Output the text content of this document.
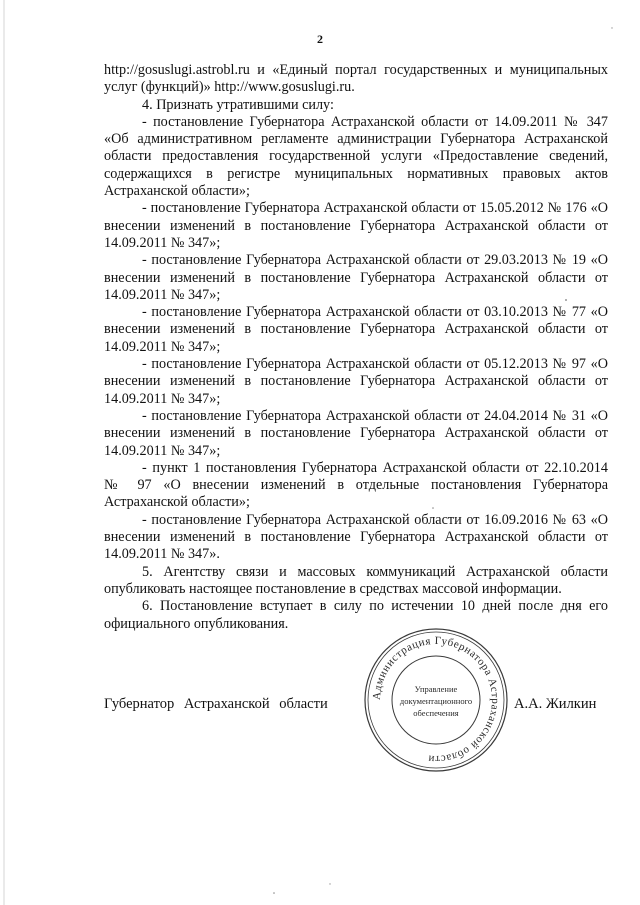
2

http://gosuslugi.astrobl.ru и «Единый портал государственных и муниципальных услуг (функций)» http://www.gosuslugi.ru.

4. Признать утратившими силу:

- постановление Губернатора Астраханской области от 14.09.2011 № 347 «Об административном регламенте администрации Губернатора Астраханской области предоставления государственной услуги «Предоставление сведений, содержащихся в регистре муниципальных нормативных правовых актов Астраханской области»;

- постановление Губернатора Астраханской области от 15.05.2012 № 176 «О внесении изменений в постановление Губернатора Астраханской области от 14.09.2011 № 347»;

- постановление Губернатора Астраханской области от 29.03.2013 № 19 «О внесении изменений в постановление Губернатора Астраханской области от 14.09.2011 № 347»;

- постановление Губернатора Астраханской области от 03.10.2013 № 77 «О внесении изменений в постановление Губернатора Астраханской области от 14.09.2011 № 347»;

- постановление Губернатора Астраханской области от 05.12.2013 № 97 «О внесении изменений в постановление Губернатора Астраханской области от 14.09.2011 № 347»;

- постановление Губернатора Астраханской области от 24.04.2014 № 31 «О внесении изменений в постановление Губернатора Астраханской области от 14.09.2011 № 347»;

- пункт 1 постановления Губернатора Астраханской области от 22.10.2014 № 97 «О внесении изменений в отдельные постановления Губернатора Астраханской области»;

- постановление Губернатора Астраханской области от 16.09.2016 № 63 «О внесении изменений в постановление Губернатора Астраханской области от 14.09.2011 № 347».

5. Агентству связи и массовых коммуникаций Астраханской области опубликовать настоящее постановление в средствах массовой информации.

6. Постановление вступает в силу по истечении 10 дней после дня его официального опубликования.

Губернатор Астраханской области	А.А. Жилкин
Администрация Губернатора Астраханской области
Управление
документационного
обеспечения
